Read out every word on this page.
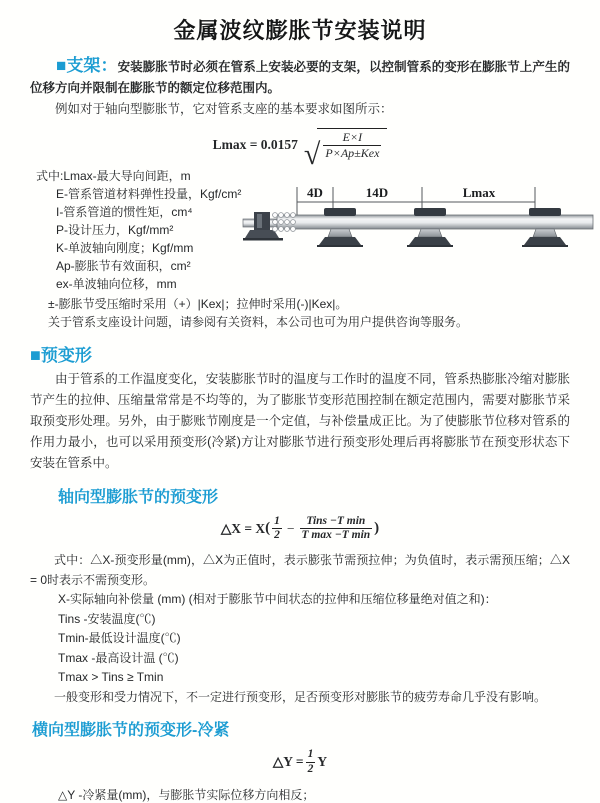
金属波纹膨胀节安装说明

■支架：安装膨胀节时必须在管系上安装必要的支架，以控制管系的变形在膨胀节上产生的位移方向并限制在膨胀节的额定位移范围内。

例如对于轴向型膨胀节，它对管系支座的基本要求如图所示：

Lmax = 0.0157 √
$\frac{E\times I}{\text{P×Ap±Kex}}$
式中:Lmax-最大导向间距，m
E-管系管道材料弹性投量，Kgf/cm²
I-管系管道的惯性矩，cm⁴
P-设计压力，Kgf/mm²
K-单波轴向刚度；Kgf/mm
Ap-膨胀节有效面积，cm²
ex-单波轴向位移，mm
±-膨胀节受压缩时采用（+）|Kex|；拉伸时采用(-)|Kex|。
关于管系支座设计问题，请参阅有关资料，本公司也可为用户提供咨询等服务。
4D	14D	Lmax
■预变形

由于管系的工作温度变化，安装膨胀节时的温度与工作时的温度不同，管系热膨胀冷缩对膨胀节产生的拉伸、压缩量常常是不均等的，为了膨胀节变形范围控制在额定范围内，需要对膨胀节采取预变形处理。另外，由于膨账节刚度是一个定值，与补偿量成正比。为了使膨胀节位移对管系的作用力最小，也可以采用预变形(冷紧)方让对膨胀节进行预变形处理后再将膨胀节在预变形状态下安装在管系中。

轴向型膨胀节的预变形
△X = X ( $\frac{1}{2} - \frac{\text{Tins −T min}}{\text{T max −T min}}$ )

式中：△X-预变形量(mm)，△X为正值时，表示膨张节需预拉伸；为负值时，表示需预压缩；△X = 0时表示不需预变形。

X-实际轴向补偿量 (mm) (相对于膨胀节中间状态的拉伸和压缩位移量绝对值之和)：
Tins -安装温度(℃)
Tmin-最低设计温度(℃)
Tmax -最高设计温 (℃)
Tmax > Tins ≥ Tmin
一般变形和受力情况下，不一定进行预变形，足否预变形对膨胀节的疲劳寿命几乎没有影响。
横向型膨胀节的预变形-冷紧
△Y = $\frac{1}{2}$ Y
△Y -冷紧量(mm)，与膨胀节实际位移方向相反；
